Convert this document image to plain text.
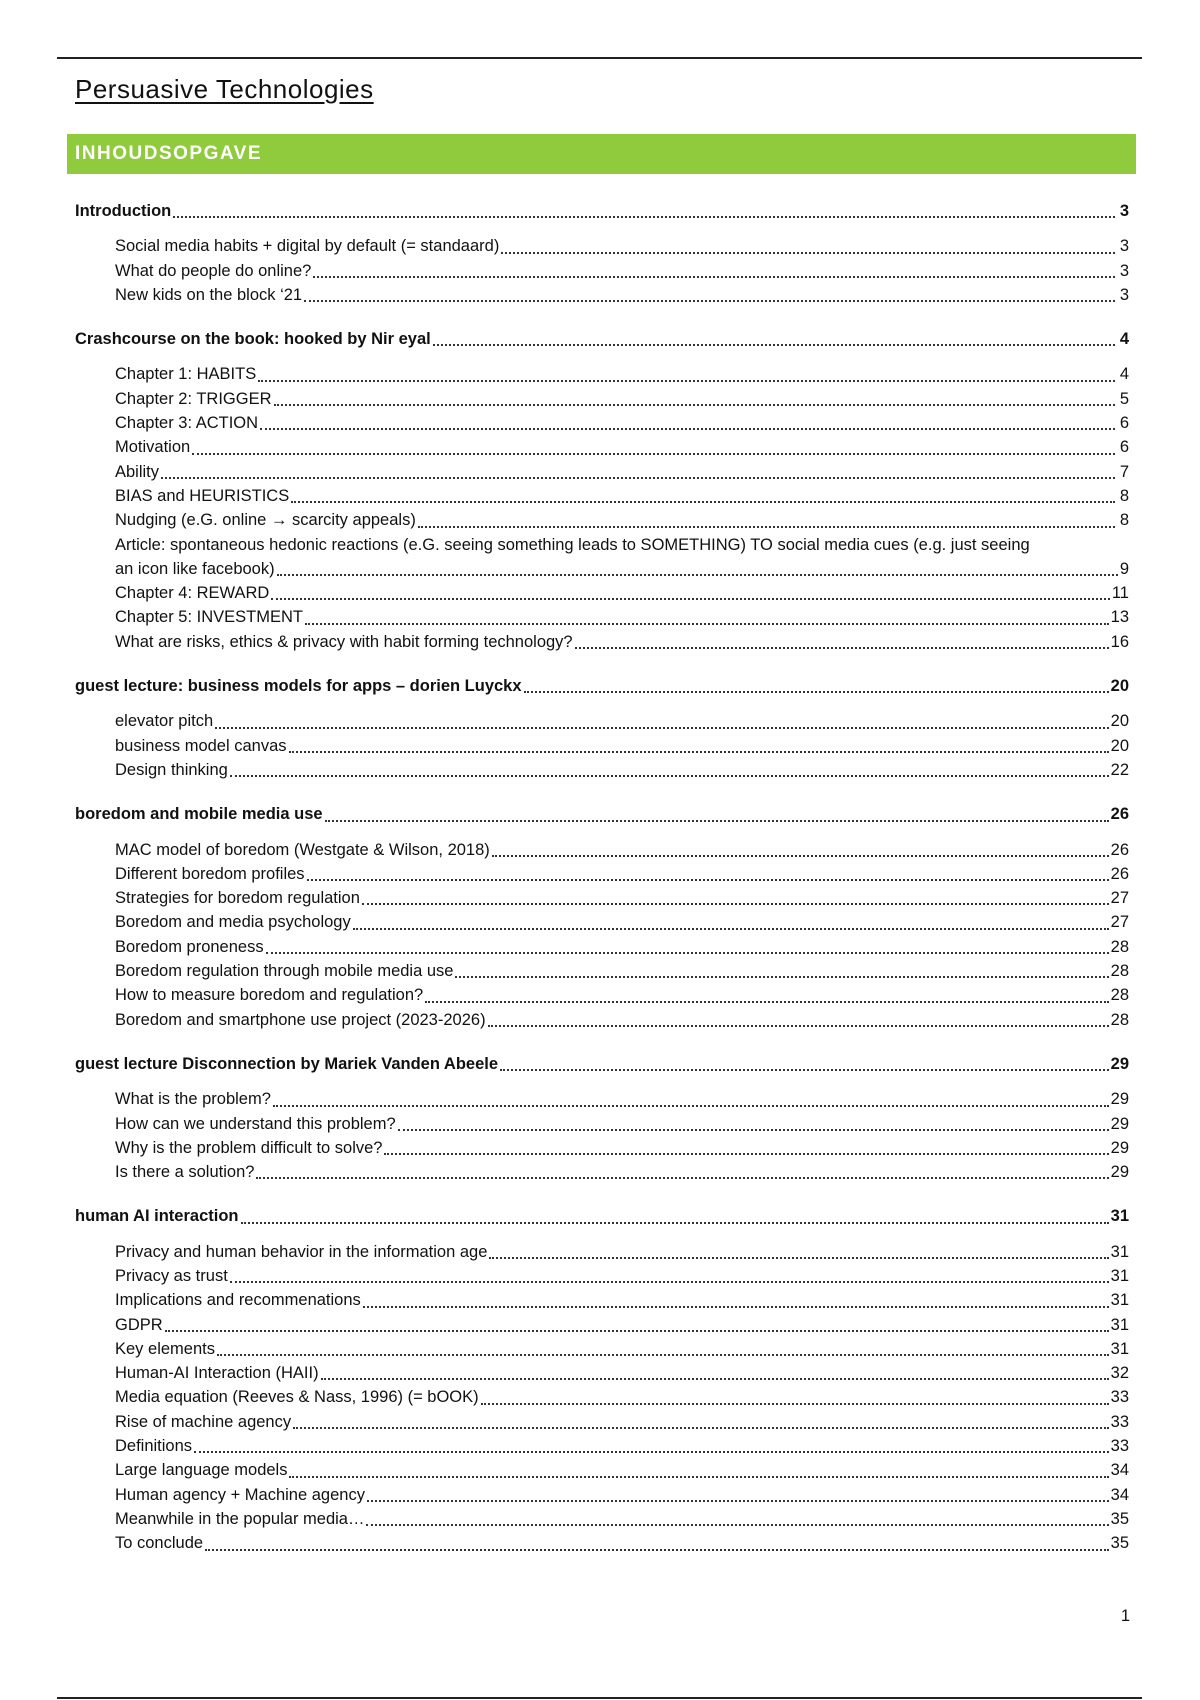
Persuasive Technologies
INHOUDSOPGAVE
Introduction	3
Social media habits + digital by default (= standaard)	3
What do people do online?	3
New kids on the block ‘21	3
Crashcourse on the book: hooked by Nir eyal	4
Chapter 1: HABITS	4
Chapter 2: TRIGGER	5
Chapter 3: ACTION	6
Motivation	6
Ability	7
BIAS and HEURISTICS	8
Nudging (e.G. online → scarcity appeals)	8
Article: spontaneous hedonic reactions (e.G. seeing something leads to SOMETHING) TO social media cues (e.g. just seeing
an icon like facebook)	9
Chapter 4: REWARD	11
Chapter 5: INVESTMENT	13
What are risks, ethics & privacy with habit forming technology?	16
guest lecture: business models for apps – dorien Luyckx	20
elevator pitch	20
business model canvas	20
Design thinking	22
boredom and mobile media use	26
MAC model of boredom (Westgate & Wilson, 2018)	26
Different boredom profiles	26
Strategies for boredom regulation	27
Boredom and media psychology	27
Boredom proneness	28
Boredom regulation through mobile media use	28
How to measure boredom and regulation?	28
Boredom and smartphone use project (2023-2026)	28
guest lecture Disconnection by Mariek Vanden Abeele	29
What is the problem?	29
How can we understand this problem?	29
Why is the problem difficult to solve?	29
Is there a solution?	29
human AI interaction	31
Privacy and human behavior in the information age	31
Privacy as trust	31
Implications and recommenations	31
GDPR	31
Key elements	31
Human-AI Interaction (HAII)	32
Media equation (Reeves & Nass, 1996) (= bOOK)	33
Rise of machine agency	33
Definitions	33
Large language models	34
Human agency + Machine agency	34
Meanwhile in the popular media…	35
To conclude	35
1
